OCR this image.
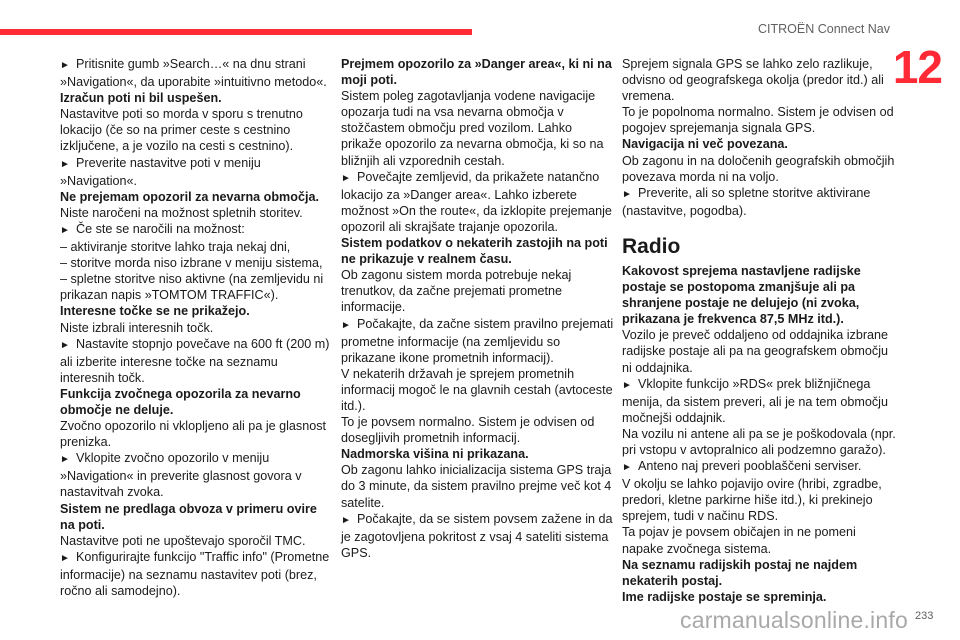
CITROËN Connect Nav
12

► Pritisnite gumb »Search…« na dnu strani »Navigation«, da uporabite »intuitivno metodo«.

Izračun poti ni bil uspešen.

Nastavitve poti so morda v sporu s trenutno lokacijo (če so na primer ceste s cestnino izključene, a je vozilo na cesti s cestnino).

► Preverite nastavitve poti v meniju »Navigation«.

Ne prejemam opozoril za nevarna območja.

Niste naročeni na možnost spletnih storitev.

► Če ste se naročili na možnost:

– aktiviranje storitve lahko traja nekaj dni,

– storitve morda niso izbrane v meniju sistema,

– spletne storitve niso aktivne (na zemljevidu ni prikazan napis »TOMTOM TRAFFIC«).

Interesne točke se ne prikažejo.

Niste izbrali interesnih točk.

► Nastavite stopnjo povečave na 600 ft (200 m) ali izberite interesne točke na seznamu interesnih točk.

Funkcija zvočnega opozorila za nevarno območje ne deluje.

Zvočno opozorilo ni vklopljeno ali pa je glasnost prenizka.

► Vklopite zvočno opozorilo v meniju »Navigation« in preverite glasnost govora v nastavitvah zvoka.

Sistem ne predlaga obvoza v primeru ovire na poti.

Nastavitve poti ne upoštevajo sporočil TMC.

► Konfigurirajte funkcijo "Traffic info" (Prometne informacije) na seznamu nastavitev poti (brez, ročno ali samodejno).

Prejmem opozorilo za »Danger area«, ki ni na moji poti.

Sistem poleg zagotavljanja vodene navigacije opozarja tudi na vsa nevarna območja v stožčastem območju pred vozilom. Lahko prikaže opozorilo za nevarna območja, ki so na bližnjih ali vzporednih cestah.

► Povečajte zemljevid, da prikažete natančno lokacijo za »Danger area«. Lahko izberete možnost »On the route«, da izklopite prejemanje opozoril ali skrajšate trajanje opozorila.

Sistem podatkov o nekaterih zastojih na poti ne prikazuje v realnem času.

Ob zagonu sistem morda potrebuje nekaj trenutkov, da začne prejemati prometne informacije.

► Počakajte, da začne sistem pravilno prejemati prometne informacije (na zemljevidu so prikazane ikone prometnih informacij).

V nekaterih državah je sprejem prometnih informacij mogoč le na glavnih cestah (avtoceste itd.).

To je povsem normalno. Sistem je odvisen od dosegljivih prometnih informacij.

Nadmorska višina ni prikazana.

Ob zagonu lahko inicializacija sistema GPS traja do 3 minute, da sistem pravilno prejme več kot 4 satelite.

► Počakajte, da se sistem povsem zažene in da je zagotovljena pokritost z vsaj 4 sateliti sistema GPS.

Sprejem signala GPS se lahko zelo razlikuje, odvisno od geografskega okolja (predor itd.) ali vremena.

To je popolnoma normalno. Sistem je odvisen od pogojev sprejemanja signala GPS.

Navigacija ni več povezana.

Ob zagonu in na določenih geografskih območjih povezava morda ni na voljo.

► Preverite, ali so spletne storitve aktivirane (nastavitve, pogodba).

Radio

Kakovost sprejema nastavljene radijske postaje se postopoma zmanjšuje ali pa shranjene postaje ne delujejo (ni zvoka, prikazana je frekvenca 87,5 MHz itd.).

Vozilo je preveč oddaljeno od oddajnika izbrane radijske postaje ali pa na geografskem območju ni oddajnika.

► Vklopite funkcijo »RDS« prek bližnjičnega menija, da sistem preveri, ali je na tem območju močnejši oddajnik.

Na vozilu ni antene ali pa se je poškodovala (npr. pri vstopu v avtopralnico ali podzemno garažo).

► Anteno naj preveri pooblaščeni serviser.

V okolju se lahko pojavijo ovire (hribi, zgradbe, predori, kletne parkirne hiše itd.), ki prekinejo sprejem, tudi v načinu RDS.

Ta pojav je povsem običajen in ne pomeni napake zvočnega sistema.

Na seznamu radijskih postaj ne najdem nekaterih postaj.

Ime radijske postaje se spreminja.

carmanualsonline.info 233
